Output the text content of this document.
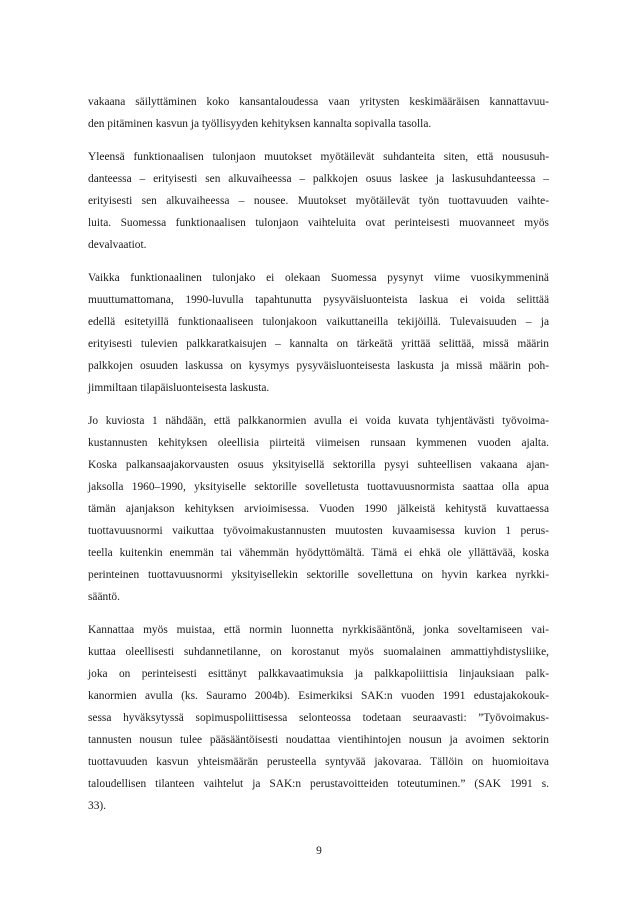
vakaana säilyttäminen koko kansantaloudessa vaan yritysten keskimääräisen kannattavuu-
den pitäminen kasvun ja työllisyyden kehityksen kannalta sopivalla tasolla.

Yleensä funktionaalisen tulonjaon muutokset myötäilevät suhdanteita siten, että noususuh-
danteessa – erityisesti sen alkuvaiheessa – palkkojen osuus laskee ja laskusuhdanteessa –
erityisesti sen alkuvaiheessa – nousee. Muutokset myötäilevät työn tuottavuuden vaihte-
luita. Suomessa funktionaalisen tulonjaon vaihteluita ovat perinteisesti muovanneet myös
devalvaatiot.

Vaikka funktionaalinen tulonjako ei olekaan Suomessa pysynyt viime vuosikymmeninä
muuttumattomana, 1990-luvulla tapahtunutta pysyväisluonteista laskua ei voida selittää
edellä esitetyillä funktionaaliseen tulonjakoon vaikuttaneilla tekijöillä. Tulevaisuuden – ja
erityisesti tulevien palkkaratkaisujen – kannalta on tärkeätä yrittää selittää, missä määrin
palkkojen osuuden laskussa on kysymys pysyväisluonteisesta laskusta ja missä määrin poh-
jimmiltaan tilapäisluonteisesta laskusta.

Jo kuviosta 1 nähdään, että palkkanormien avulla ei voida kuvata tyhjentävästi työvoima-
kustannusten kehityksen oleellisia piirteitä viimeisen runsaan kymmenen vuoden ajalta.
Koska palkansaajakorvausten osuus yksityisellä sektorilla pysyi suhteellisen vakaana ajan-
jaksolla 1960–1990, yksityiselle sektorille sovelletusta tuottavuusnormista saattaa olla apua
tämän ajanjakson kehityksen arvioimisessa. Vuoden 1990 jälkeistä kehitystä kuvattaessa
tuottavuusnormi vaikuttaa työvoimakustannusten muutosten kuvaamisessa kuvion 1 perus-
teella kuitenkin enemmän tai vähemmän hyödyttömältä. Tämä ei ehkä ole yllättävää, koska
perinteinen tuottavuusnormi yksityisellekin sektorille sovellettuna on hyvin karkea nyrkki-
sääntö.

Kannattaa myös muistaa, että normin luonnetta nyrkkisääntönä, jonka soveltamiseen vai-
kuttaa oleellisesti suhdannetilanne, on korostanut myös suomalainen ammattiyhdistysliike,
joka on perinteisesti esittänyt palkkavaatimuksia ja palkkapoliittisia linjauksiaan palk-
kanormien avulla (ks. Sauramo 2004b). Esimerkiksi SAK:n vuoden 1991 edustajakokouk-
sessa hyväksytyssä sopimuspoliittisessa selonteossa todetaan seuraavasti: ”Työvoimakus-
tannusten nousun tulee pääsääntöisesti noudattaa vientihintojen nousun ja avoimen sektorin
tuottavuuden kasvun yhteismäärän perusteella syntyvää jakovaraa. Tällöin on huomioitava
taloudellisen tilanteen vaihtelut ja SAK:n perustavoitteiden toteutuminen.” (SAK 1991 s.
33).

9
